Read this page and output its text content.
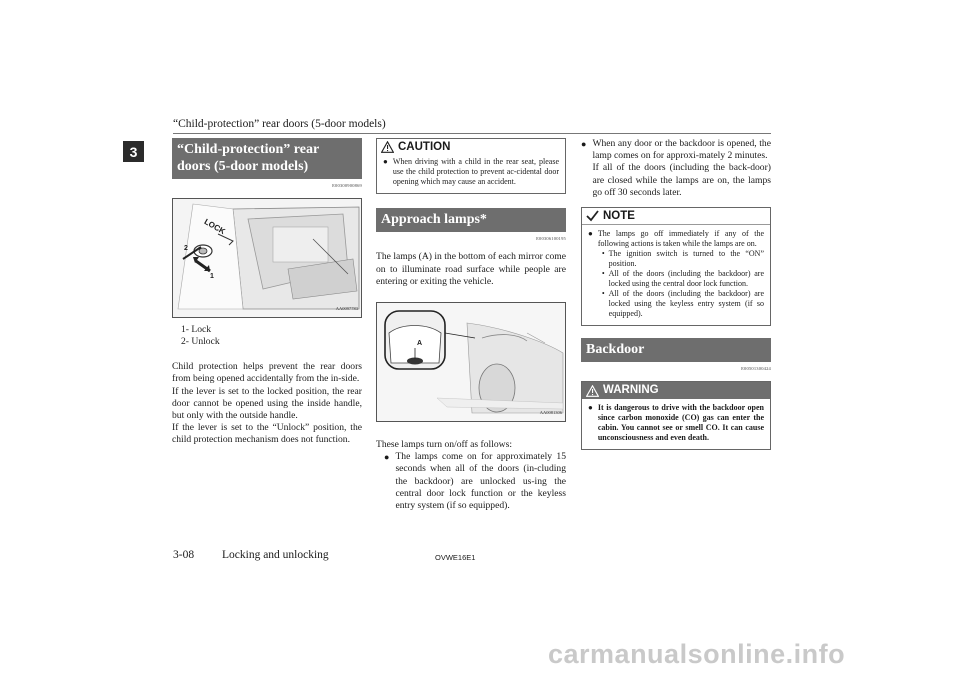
“Child-protection” rear doors (5-door models)
3	“Child-protection” rear
doors (5-door models)
E00300900869
LOCK
2
1
AA0097783
1- Lock
2- Unlock

Child protection helps prevent the rear doors from being opened accidentally from the in-side.

If the lever is set to the locked position, the rear door cannot be opened using the inside handle, but only with the outside handle.

If the lever is set to the “Unlock” position, the child protection mechanism does not function.

CAUTION
● When driving with a child in the rear seat, please use the child protection to prevent ac-cidental door opening which may cause an accident.
Approach lamps*
E00306100195

The lamps (A) in the bottom of each mirror come on to illuminate road surface while people are entering or exiting the vehicle.

A
AA0081306

These lamps turn on/off as follows:

● The lamps come on for approximately 15 seconds when all of the doors (in-cluding the backdoor) are unlocked us-ing the central door lock function or the keyless entry system (if so equipped).

● When any door or the backdoor is opened, the lamp comes on for approxi-mately 2 minutes.

If all of the doors (including the back-door) are closed while the lamps are on, the lamps go off 30 seconds later.

NOTE
● The lamps go off immediately if any of the following actions is taken while the lamps are on.

• The ignition switch is turned to the “ON” position.

• All of the doors (including the backdoor) are locked using the central door lock function.

• All of the doors (including the backdoor) are locked using the keyless entry system (if so equipped).

Backdoor
E00501300424
WARNING
● It is dangerous to drive with the backdoor open since carbon monoxide (CO) gas can enter the cabin. You cannot see or smell CO. It can cause unconsciousness and even death.

3-08 Locking and unlocking	OVWE16E1
carmanualsonline.info
